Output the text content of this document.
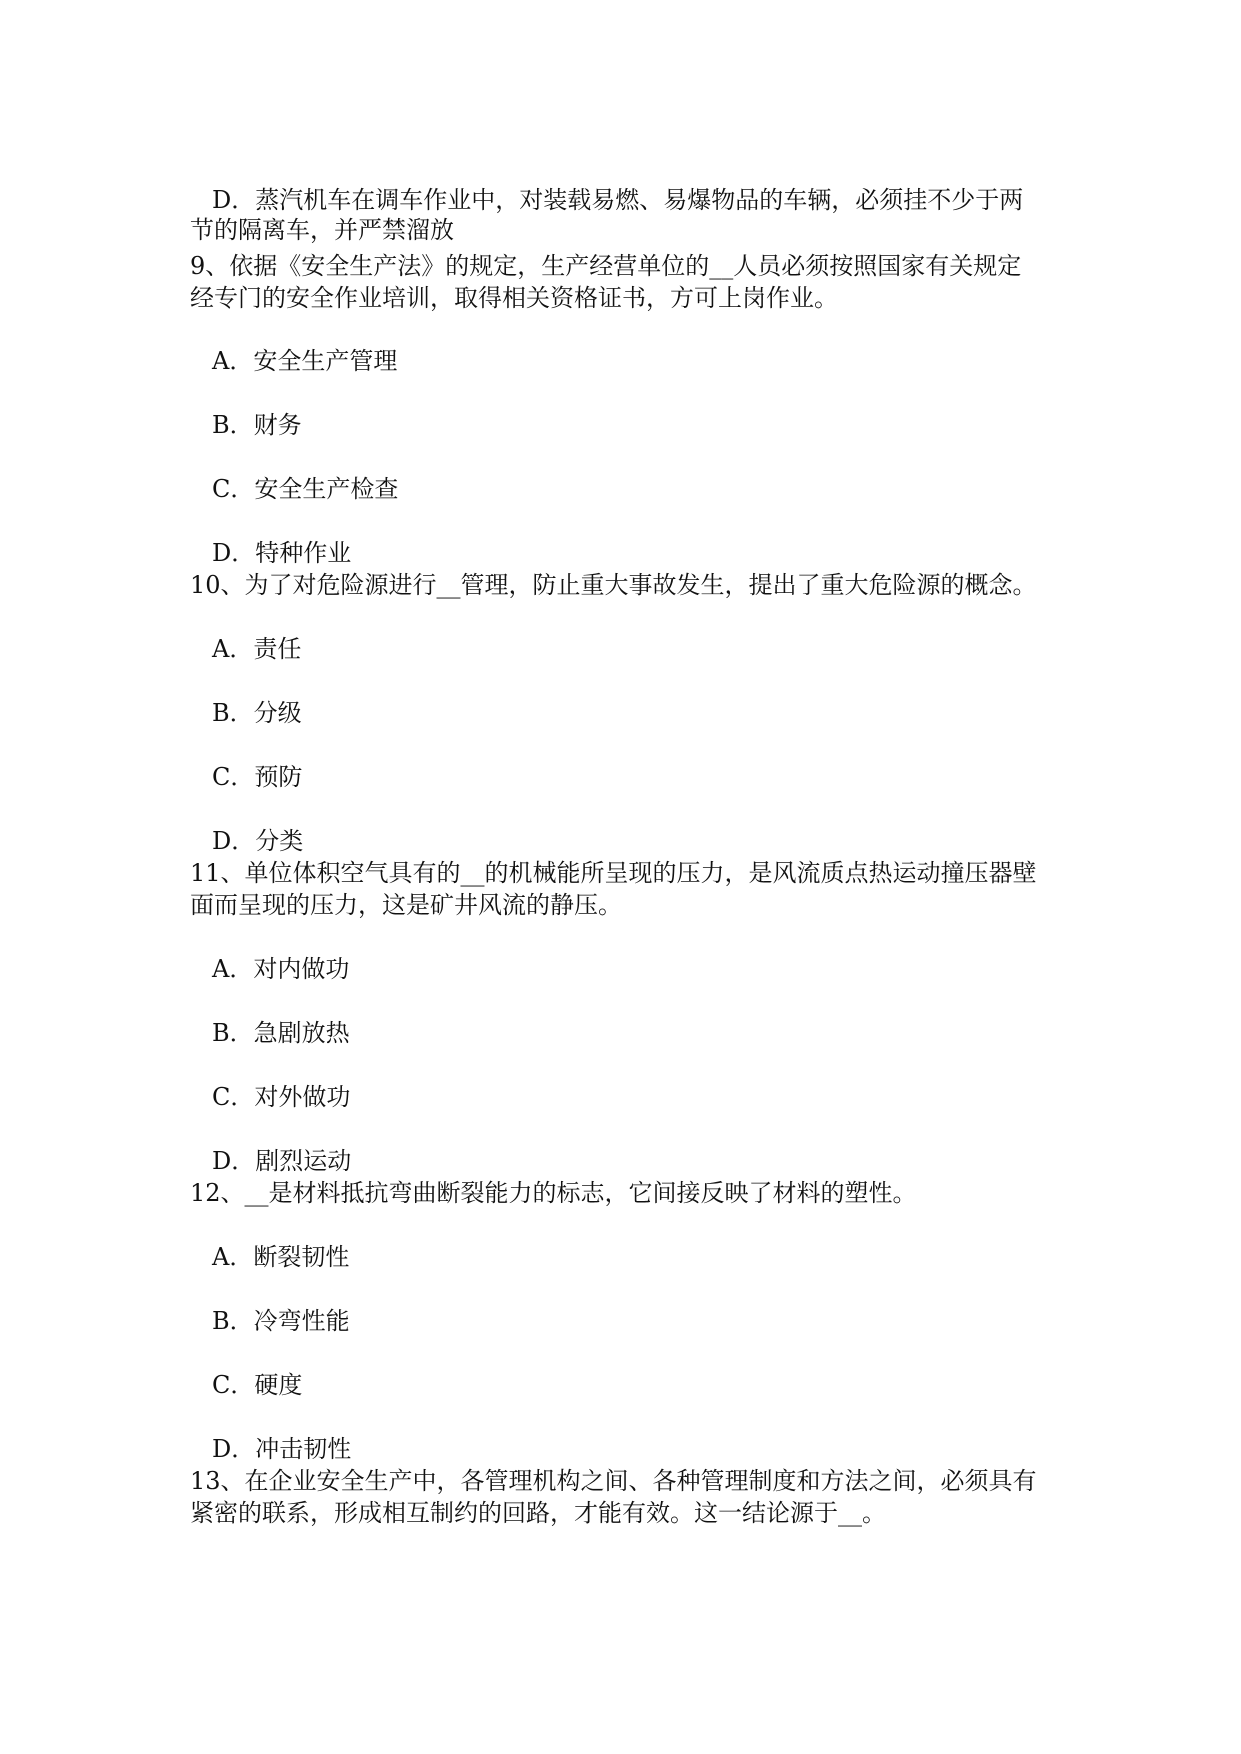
D．蒸汽机车在调车作业中，对装载易燃、易爆物品的车辆，必须挂不少于两
节的隔离车，并严禁溜放
9、依据《安全生产法》的规定，生产经营单位的__人员必须按照国家有关规定
经专门的安全作业培训，取得相关资格证书，方可上岗作业。
A．安全生产管理
B．财务
C．安全生产检查
D．特种作业
10、为了对危险源进行__管理，防止重大事故发生，提出了重大危险源的概念。
A．责任
B．分级
C．预防
D．分类
11、单位体积空气具有的__的机械能所呈现的压力，是风流质点热运动撞压器壁
面而呈现的压力，这是矿井风流的静压。
A．对内做功
B．急剧放热
C．对外做功
D．剧烈运动
12、__是材料抵抗弯曲断裂能力的标志，它间接反映了材料的塑性。
A．断裂韧性
B．冷弯性能
C．硬度
D．冲击韧性
13、在企业安全生产中，各管理机构之间、各种管理制度和方法之间，必须具有
紧密的联系，形成相互制约的回路，才能有效。这一结论源于__。
